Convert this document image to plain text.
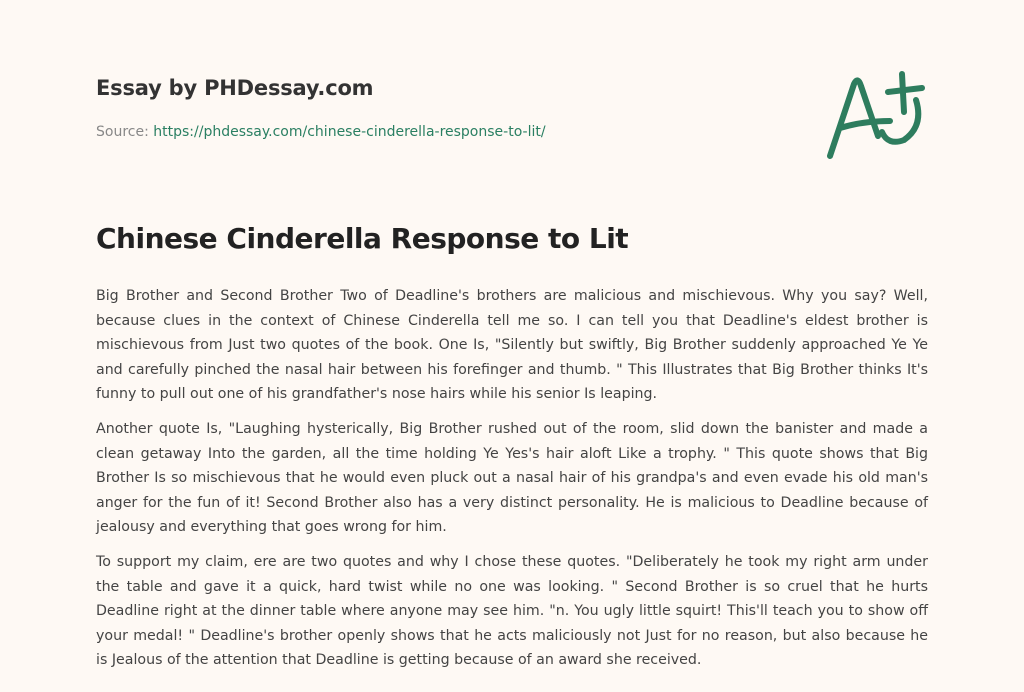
Essay by PHDessay.com
Source: https://phdessay.com/chinese-cinderella-response-to-lit/
Chinese Cinderella Response to Lit

Big Brother and Second Brother Two of Deadline's brothers are malicious and mischievous. Why you say? Well, because clues in the context of Chinese Cinderella tell me so. I can tell you that Deadline's eldest brother is mischievous from Just two quotes of the book. One Is, "Silently but swiftly, Big Brother suddenly approached Ye Ye and carefully pinched the nasal hair between his forefinger and thumb. " This Illustrates that Big Brother thinks It's funny to pull out one of his grandfather's nose hairs while his senior Is leaping.

Another quote Is, "Laughing hysterically, Big Brother rushed out of the room, slid down the banister and made a clean getaway Into the garden, all the time holding Ye Yes's hair aloft Like a trophy. " This quote shows that Big Brother Is so mischievous that he would even pluck out a nasal hair of his grandpa's and even evade his old man's anger for the fun of it! Second Brother also has a very distinct personality. He is malicious to Deadline because of jealousy and everything that goes wrong for him.

To support my claim, ere are two quotes and why I chose these quotes. "Deliberately he took my right arm under the table and gave it a quick, hard twist while no one was looking. " Second Brother is so cruel that he hurts Deadline right at the dinner table where anyone may see him. "n. You ugly little squirt! This'll teach you to show off your medal! " Deadline's brother openly shows that he acts maliciously not Just for no reason, but also because he is Jealous of the attention that Deadline is getting because of an award she received.
